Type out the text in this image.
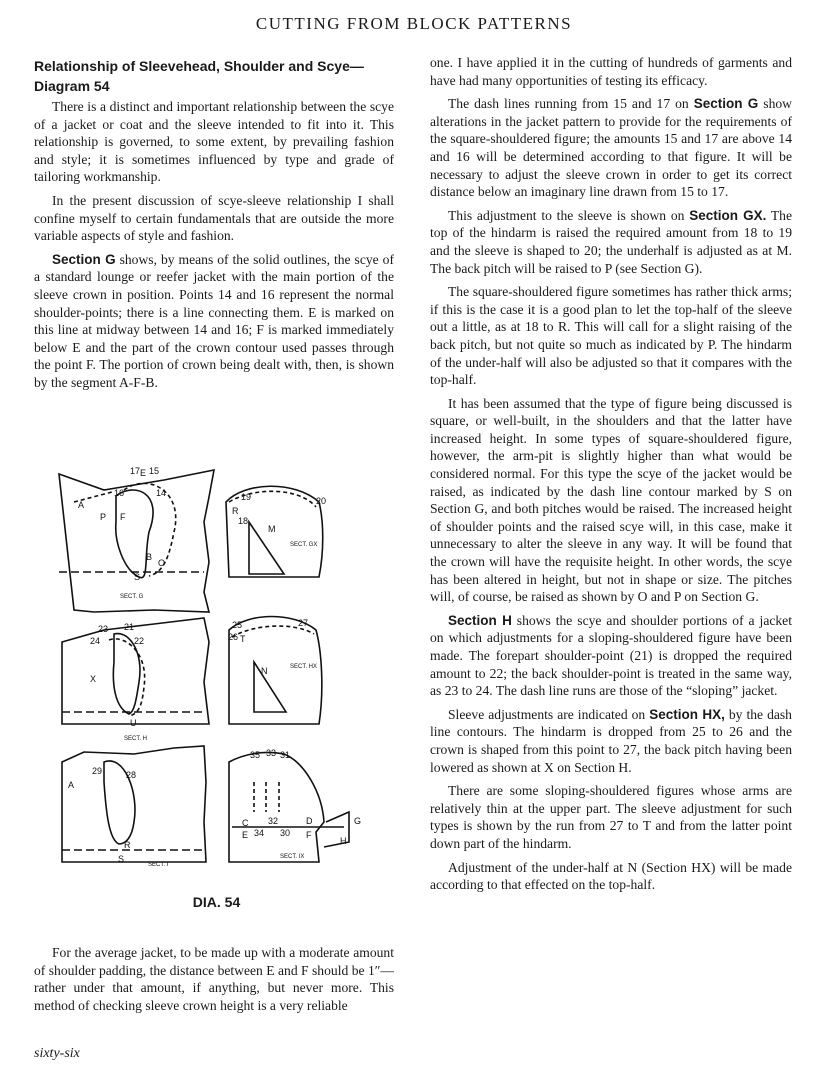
CUTTING FROM BLOCK PATTERNS
Relationship of Sleevehead, Shoulder and Scye—
Diagram 54

There is a distinct and important relationship between the scye of a jacket or coat and the sleeve intended to fit into it. This relationship is governed, to some extent, by prevailing fashion and style; it is sometimes influenced by type and grade of tailoring workmanship.

In the present discussion of scye-sleeve relationship I shall confine myself to certain fundamentals that are outside the more variable aspects of style and fashion.

Section G shows, by means of the solid outlines, the scye of a standard lounge or reefer jacket with the main portion of the sleeve crown in position. Points 14 and 16 represent the normal shoulder-points; there is a line connecting them. E is marked on this line at midway between 14 and 16; F is marked immediately below E and the part of the crown contour used passes through the point F. The portion of crown being dealt with, then, is shown by the segment A-F-B.

17 E 15
16	14
A
P F
B
O
S
SECT. G
19	20
R
18
M
SECT. GX
23 21
24	22
X
U
SECT. H
25	27
26 T
N	SECT. HX
29	28
A
R
S
SECT. I
35 33 31
C
E 34
32
30
D
F
G
H
SECT. IX
DIA. 54

For the average jacket, to be made up with a moderate amount of shoulder padding, the distance between E and F should be 1″—rather under that amount, if anything, but never more. This method of checking sleeve crown height is a very reliable

one. I have applied it in the cutting of hundreds of garments and have had many opportunities of testing its efficacy.

The dash lines running from 15 and 17 on Section G show alterations in the jacket pattern to provide for the requirements of the square-shouldered figure; the amounts 15 and 17 are above 14 and 16 will be determined according to that figure. It will be necessary to adjust the sleeve crown in order to get its correct distance below an imaginary line drawn from 15 to 17.

This adjustment to the sleeve is shown on Section GX. The top of the hindarm is raised the required amount from 18 to 19 and the sleeve is shaped to 20; the underhalf is adjusted as at M. The back pitch will be raised to P (see Section G).

The square-shouldered figure sometimes has rather thick arms; if this is the case it is a good plan to let the top-half of the sleeve out a little, as at 18 to R. This will call for a slight raising of the back pitch, but not quite so much as indicated by P. The hindarm of the under-half will also be adjusted so that it compares with the top-half.

It has been assumed that the type of figure being discussed is square, or well-built, in the shoulders and that the latter have increased height. In some types of square-shouldered figure, however, the arm-pit is slightly higher than what would be considered normal. For this type the scye of the jacket would be raised, as indicated by the dash line contour marked by S on Section G, and both pitches would be raised. The increased height of shoulder points and the raised scye will, in this case, make it unnecessary to alter the sleeve in any way. It will be found that the crown will have the requisite height. In other words, the scye has been altered in height, but not in shape or size. The pitches will, of course, be raised as shown by O and P on Section G.

Section H shows the scye and shoulder portions of a jacket on which adjustments for a sloping-shouldered figure have been made. The forepart shoulder-point (21) is dropped the required amount to 22; the back shoulder-point is treated in the same way, as 23 to 24. The dash line runs are those of the “sloping” jacket.

Sleeve adjustments are indicated on Section HX, by the dash line contours. The hindarm is dropped from 25 to 26 and the crown is shaped from this point to 27, the back pitch having been lowered as shown at X on Section H.

There are some sloping-shouldered figures whose arms are relatively thin at the upper part. The sleeve adjustment for such types is shown by the run from 27 to T and from the latter point down part of the hindarm.

Adjustment of the under-half at N (Section HX) will be made according to that effected on the top-half.

sixty-six
